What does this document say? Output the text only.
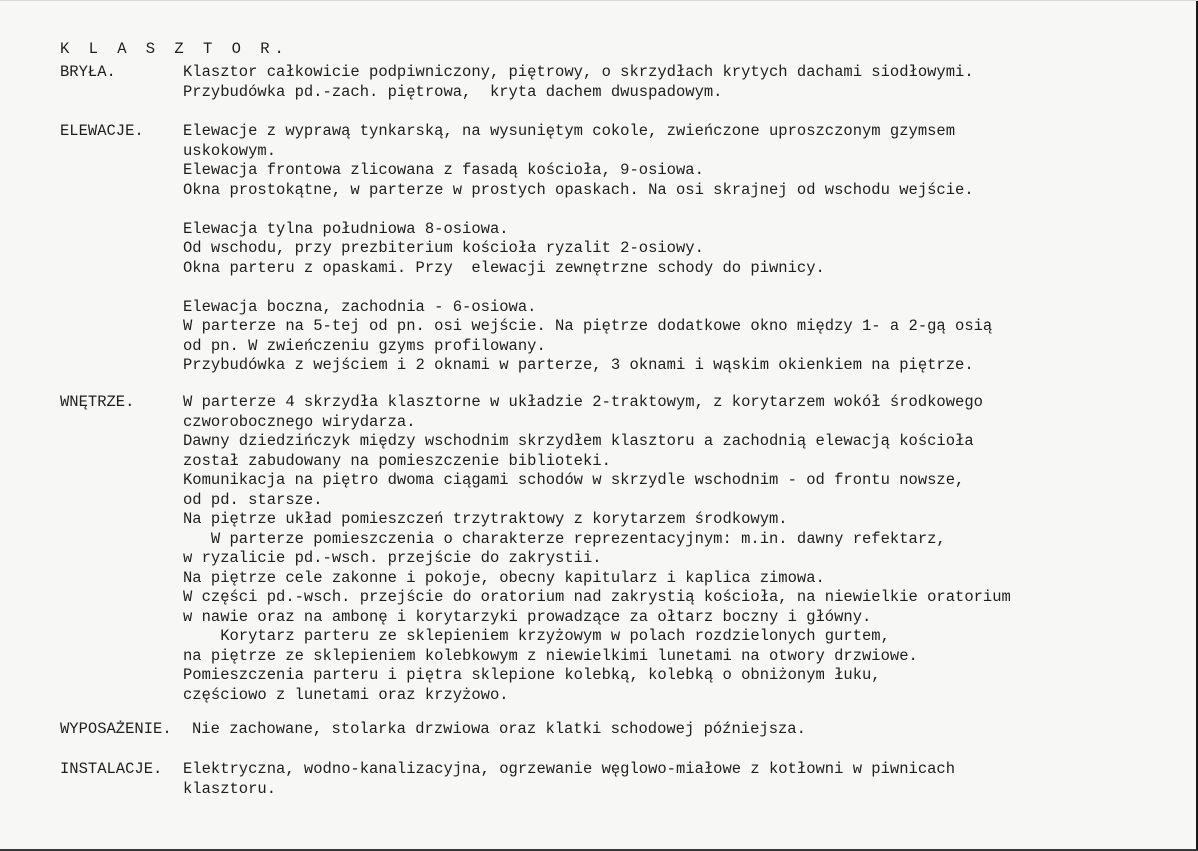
K L A S Z T O R.
BRYŁA.	Klasztor całkowicie podpiwniczony, piętrowy, o skrzydłach krytych dachami siodłowymi.
Przybudówka pd.-zach. piętrowa,  kryta dachem dwuspadowym.
ELEWACJE.	Elewacje z wyprawą tynkarską, na wysuniętym cokole, zwieńczone uproszczonym gzymsem
uskokowym.
Elewacja frontowa zlicowana z fasadą kościoła, 9-osiowa.
Okna prostokątne, w parterze w prostych opaskach. Na osi skrajnej od wschodu wejście.
Elewacja tylna południowa 8-osiowa.
Od wschodu, przy prezbiterium kościoła ryzalit 2-osiowy.
Okna parteru z opaskami. Przy  elewacji zewnętrzne schody do piwnicy.
Elewacja boczna, zachodnia - 6-osiowa.
W parterze na 5-tej od pn. osi wejście. Na piętrze dodatkowe okno między 1- a 2-gą osią
od pn. W zwieńczeniu gzyms profilowany.
Przybudówka z wejściem i 2 oknami w parterze, 3 oknami i wąskim okienkiem na piętrze.
WNĘTRZE.	W parterze 4 skrzydła klasztorne w układzie 2-traktowym, z korytarzem wokół środkowego
czworobocznego wirydarza.
Dawny dziedzińczyk między wschodnim skrzydłem klasztoru a zachodnią elewacją kościoła
został zabudowany na pomieszczenie biblioteki.
Komunikacja na piętro dwoma ciągami schodów w skrzydle wschodnim - od frontu nowsze,
od pd. starsze.
Na piętrze układ pomieszczeń trzytraktowy z korytarzem środkowym.
W parterze pomieszczenia o charakterze reprezentacyjnym: m.in. dawny refektarz,
w ryzalicie pd.-wsch. przejście do zakrystii.
Na piętrze cele zakonne i pokoje, obecny kapitularz i kaplica zimowa.
W części pd.-wsch. przejście do oratorium nad zakrystią kościoła, na niewielkie oratorium
w nawie oraz na ambonę i korytarzyki prowadzące za ołtarz boczny i główny.
Korytarz parteru ze sklepieniem krzyżowym w polach rozdzielonych gurtem,
na piętrze ze sklepieniem kolebkowym z niewielkimi lunetami na otwory drzwiowe.
Pomieszczenia parteru i piętra sklepione kolebką, kolebką o obniżonym łuku,
częściowo z lunetami oraz krzyżowo.
WYPOSAŻENIE. Nie zachowane, stolarka drzwiowa oraz klatki schodowej późniejsza.
INSTALACJE. Elektryczna, wodno-kanalizacyjna, ogrzewanie węglowo-miałowe z kotłowni w piwnicach
klasztoru.
